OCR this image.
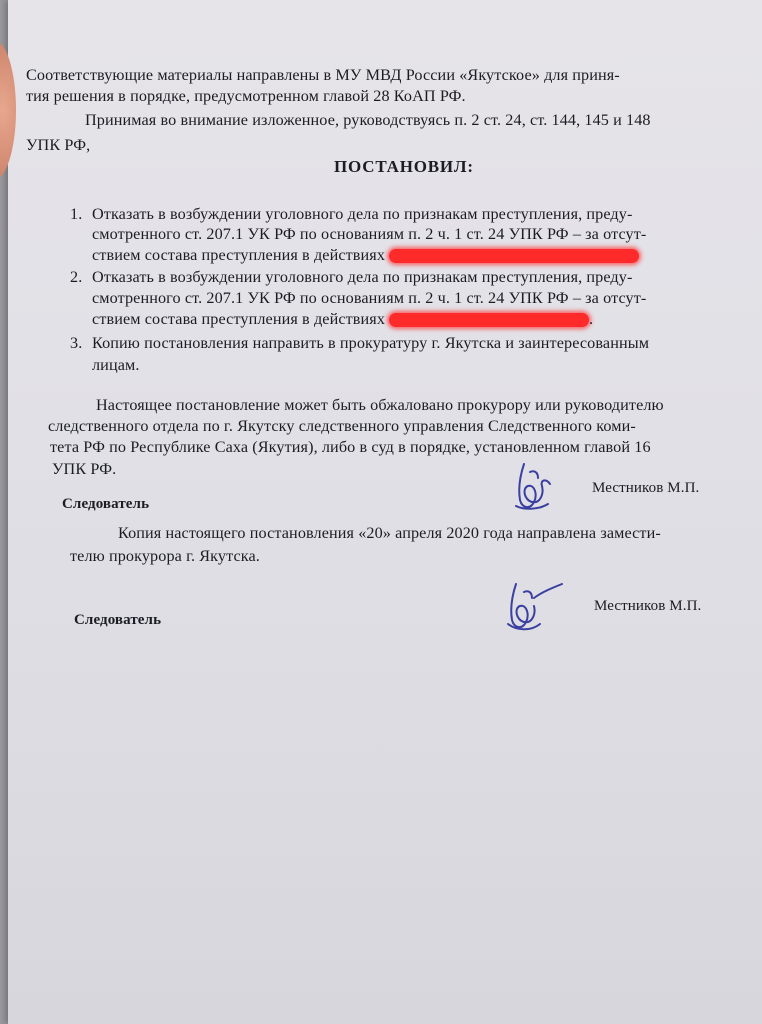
Соответствующие материалы направлены в МУ МВД России «Якутское» для приня-
тия решения в порядке, предусмотренном главой 28 КоАП РФ.
Принимая во внимание изложенное, руководствуясь п. 2 ст. 24, ст. 144, 145 и 148
УПК РФ,
ПОСТАНОВИЛ:
1. Отказать в возбуждении уголовного дела по признакам преступления, преду-
смотренного ст. 207.1 УК РФ по основаниям п. 2 ч. 1 ст. 24 УПК РФ – за отсут-
ствием состава преступления в действиях
2. Отказать в возбуждении уголовного дела по признакам преступления, преду-
смотренного ст. 207.1 УК РФ по основаниям п. 2 ч. 1 ст. 24 УПК РФ – за отсут-
ствием состава преступления в действиях	.
3. Копию постановления направить в прокуратуру г. Якутска и заинтересованным
лицам.
Настоящее постановление может быть обжаловано прокурору или руководителю
следственного отдела по г. Якутску следственного управления Следственного коми-
тета РФ по Республике Саха (Якутия), либо в суд в порядке, установленном главой 16
УПК РФ.
Следователь
Местников М.П.
Копия настоящего постановления «20» апреля 2020 года направлена замести-
телю прокурора г. Якутска.
Следователь
Местников М.П.
